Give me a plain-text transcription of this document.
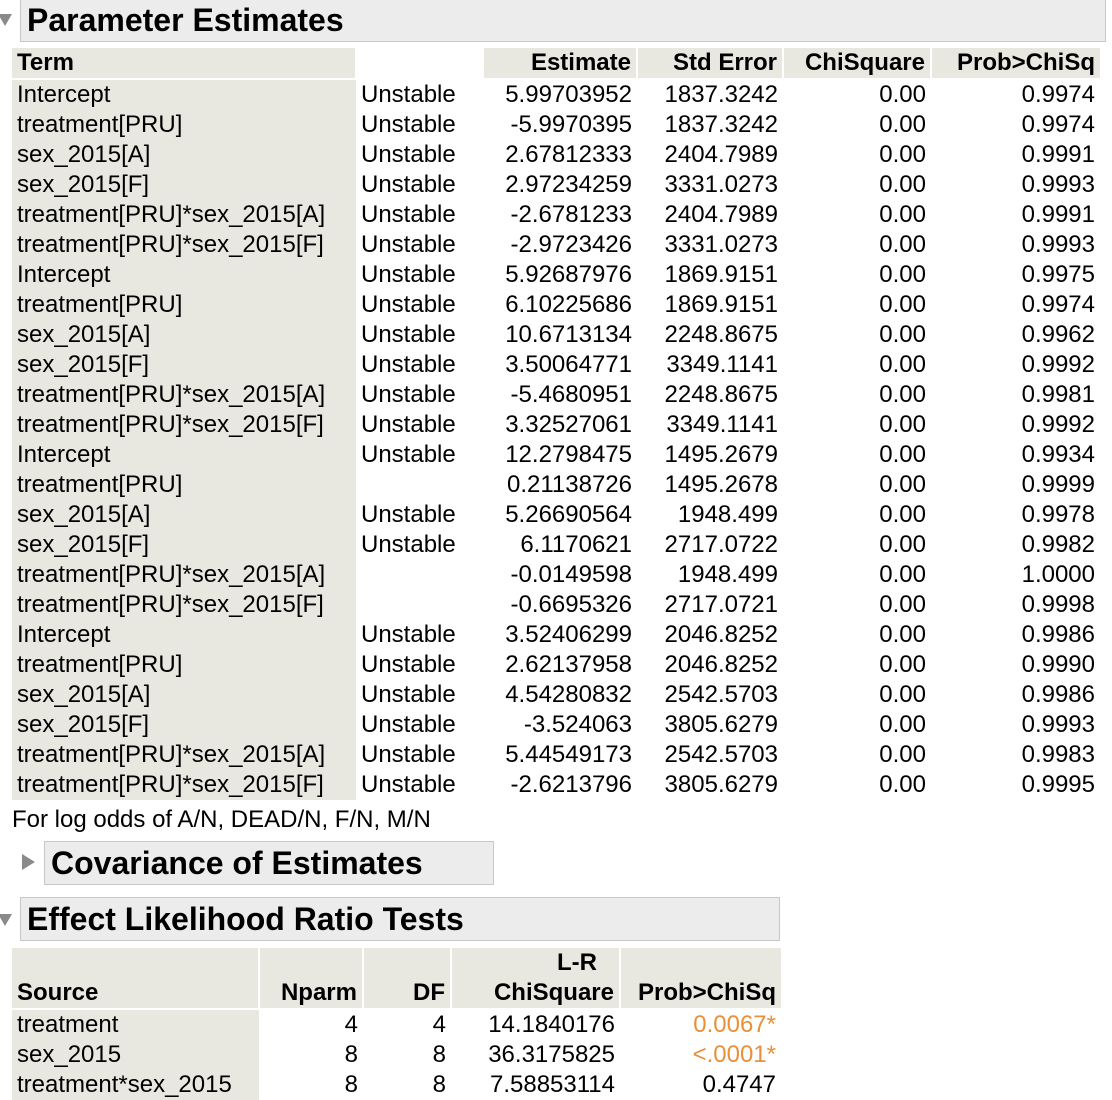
Parameter Estimates
Term		Estimate	Std Error	ChiSquare	Prob>ChiSq
Intercept	Unstable	5.99703952	1837.3242	0.00	0.9974
treatment[PRU]	Unstable	-5.9970395	1837.3242	0.00	0.9974
sex_2015[A]	Unstable	2.67812333	2404.7989	0.00	0.9991
sex_2015[F]	Unstable	2.97234259	3331.0273	0.00	0.9993
treatment[PRU]*sex_2015[A]	Unstable	-2.6781233	2404.7989	0.00	0.9991
treatment[PRU]*sex_2015[F]	Unstable	-2.9723426	3331.0273	0.00	0.9993
Intercept	Unstable	5.92687976	1869.9151	0.00	0.9975
treatment[PRU]	Unstable	6.10225686	1869.9151	0.00	0.9974
sex_2015[A]	Unstable	10.6713134	2248.8675	0.00	0.9962
sex_2015[F]	Unstable	3.50064771	3349.1141	0.00	0.9992
treatment[PRU]*sex_2015[A]	Unstable	-5.4680951	2248.8675	0.00	0.9981
treatment[PRU]*sex_2015[F]	Unstable	3.32527061	3349.1141	0.00	0.9992
Intercept	Unstable	12.2798475	1495.2679	0.00	0.9934
treatment[PRU]		0.21138726	1495.2678	0.00	0.9999
sex_2015[A]	Unstable	5.26690564	1948.499	0.00	0.9978
sex_2015[F]	Unstable	6.1170621	2717.0722	0.00	0.9982
treatment[PRU]*sex_2015[A]		-0.0149598	1948.499	0.00	1.0000
treatment[PRU]*sex_2015[F]		-0.6695326	2717.0721	0.00	0.9998
Intercept	Unstable	3.52406299	2046.8252	0.00	0.9986
treatment[PRU]	Unstable	2.62137958	2046.8252	0.00	0.9990
sex_2015[A]	Unstable	4.54280832	2542.5703	0.00	0.9986
sex_2015[F]	Unstable	-3.524063	3805.6279	0.00	0.9993
treatment[PRU]*sex_2015[A]	Unstable	5.44549173	2542.5703	0.00	0.9983
treatment[PRU]*sex_2015[F]	Unstable	-2.6213796	3805.6279	0.00	0.9995
For log odds of A/N, DEAD/N, F/N, M/N
Covariance of Estimates
Effect Likelihood Ratio Tests
			L-R	
Source	Nparm	DF	ChiSquare	Prob>ChiSq
treatment	4	4	14.1840176	0.0067*
sex_2015	8	8	36.3175825	<.0001*
treatment*sex_2015	8	8	7.58853114	0.4747
